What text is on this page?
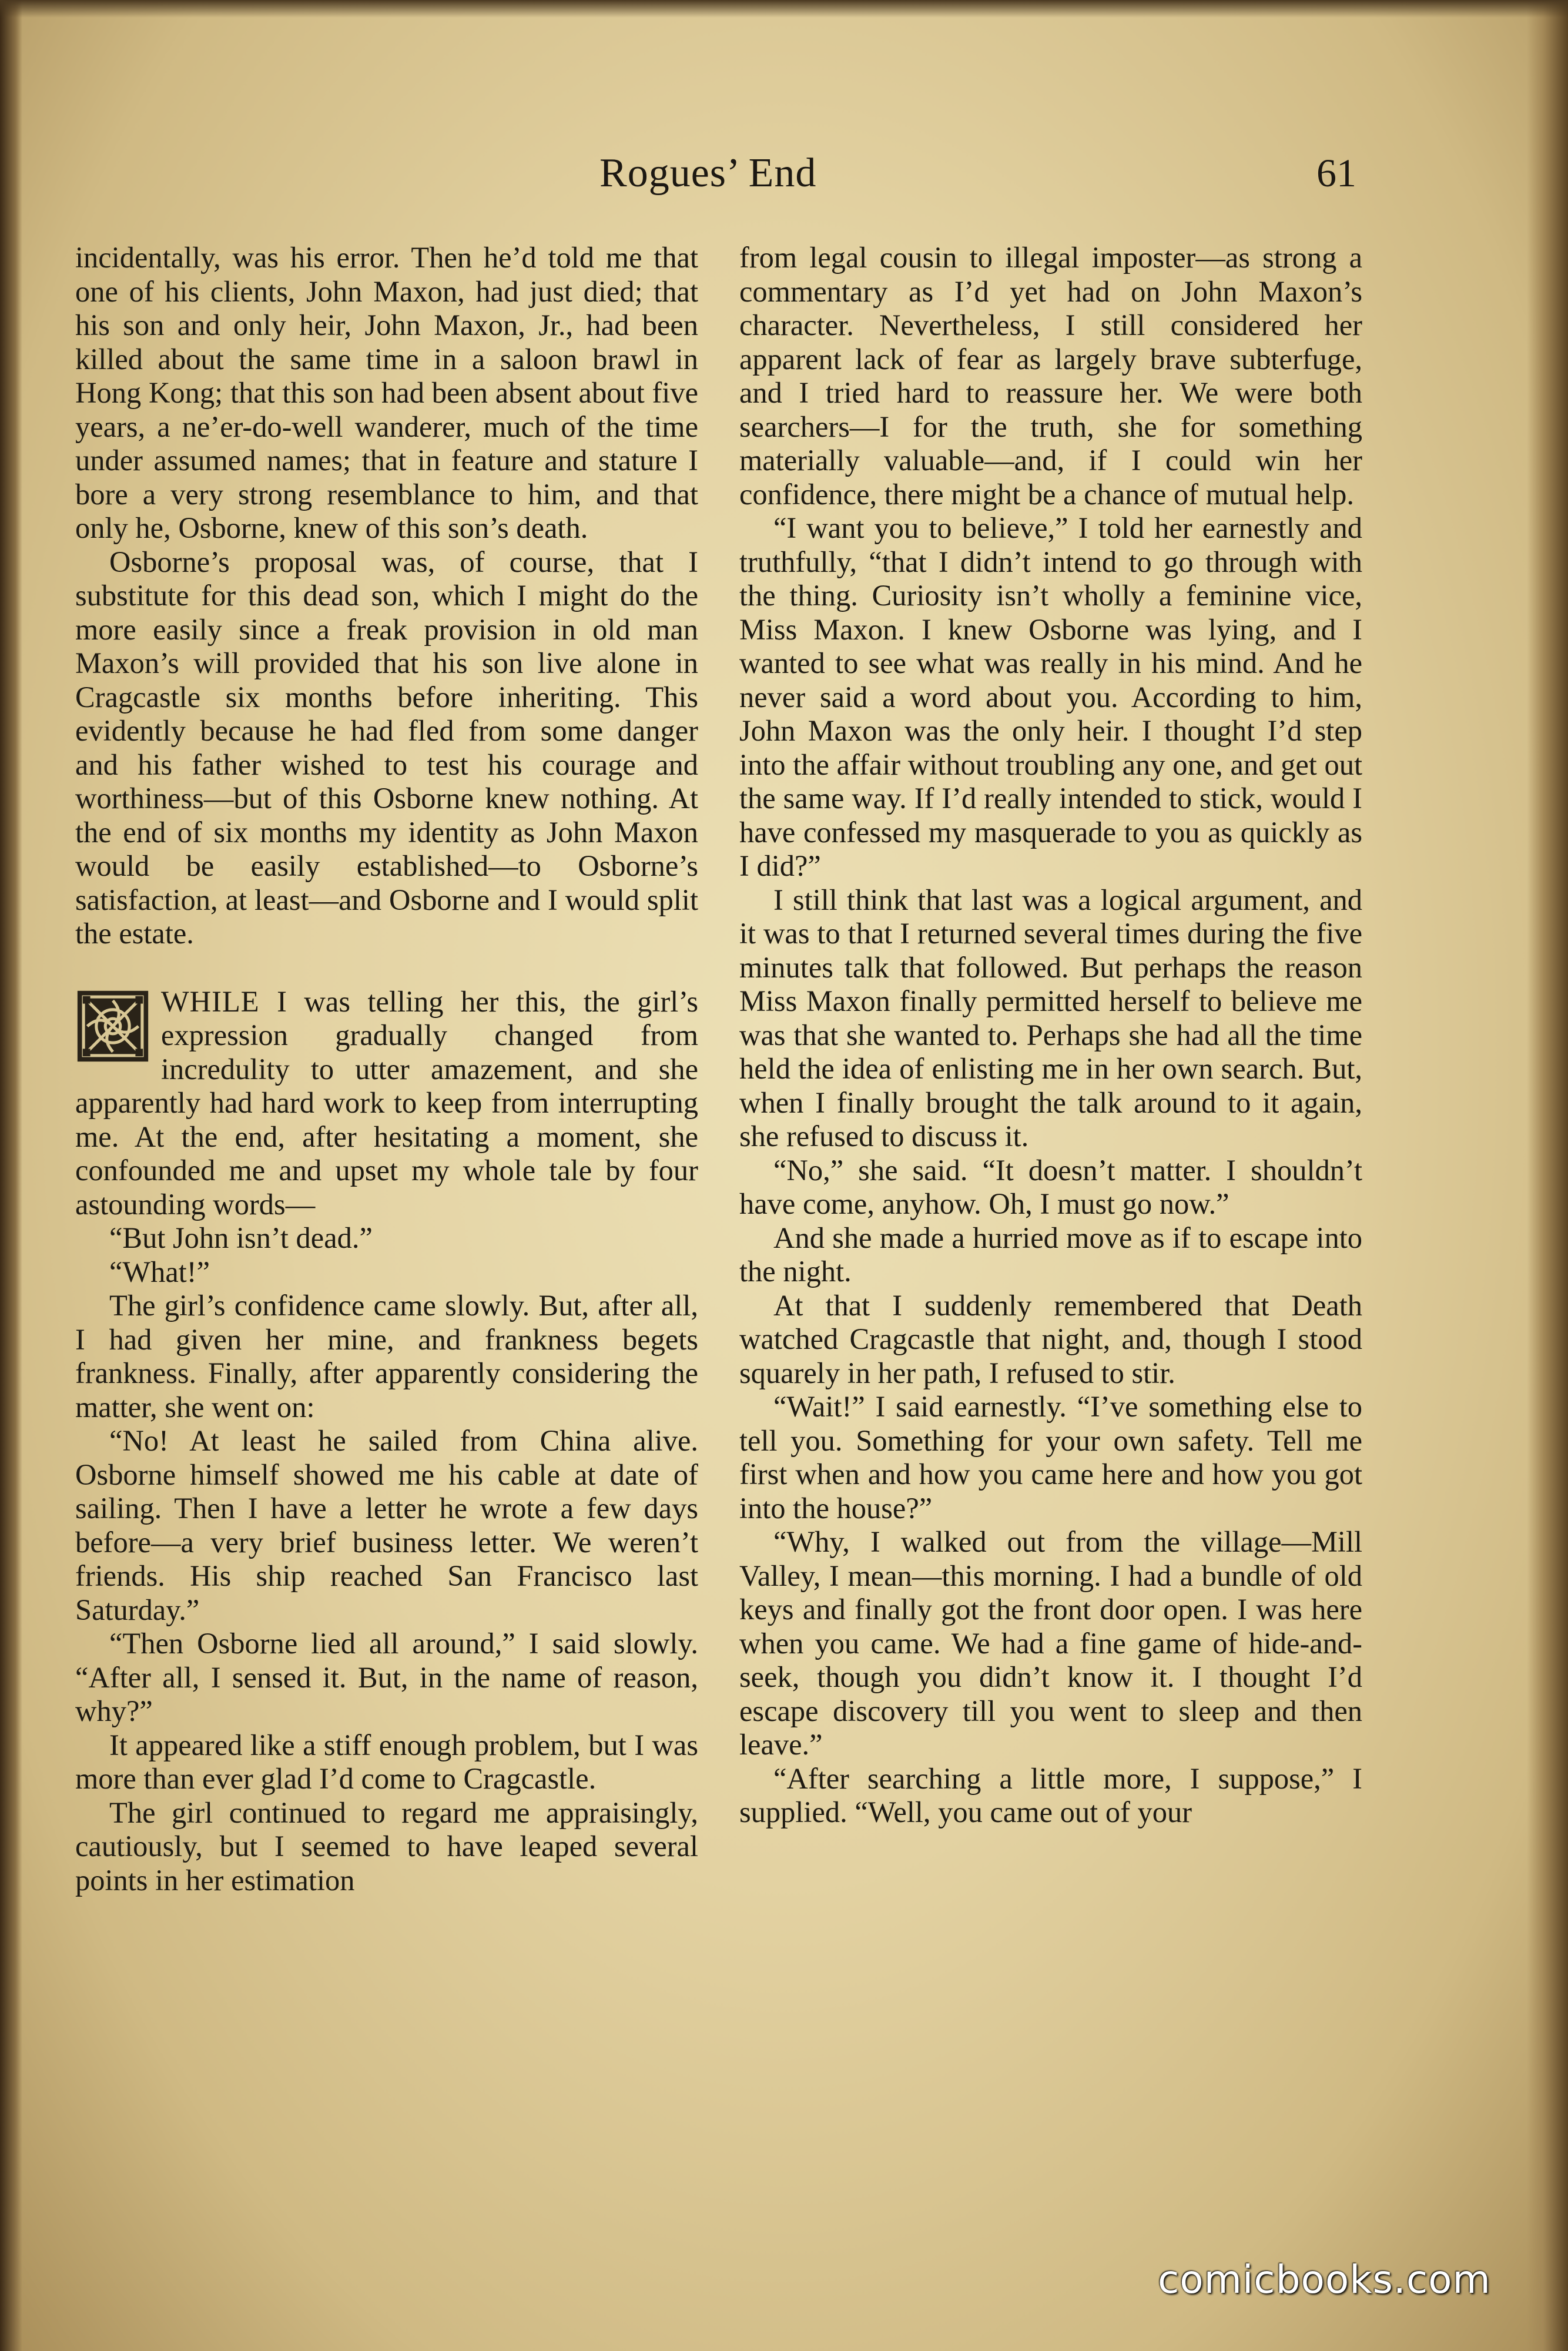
Rogues’ End	61

incidentally, was his error. Then he’d told me that one of his clients, John Maxon, had just died; that his son and only heir, John Maxon, Jr., had been killed about the same time in a saloon brawl in Hong Kong; that this son had been absent about five years, a ne’er-do-well wanderer, much of the time under assumed names; that in feature and stature I bore a very strong resemblance to him, and that only he, Osborne, knew of this son’s death.

Osborne’s proposal was, of course, that I substitute for this dead son, which I might do the more easily since a freak provision in old man Maxon’s will provided that his son live alone in Cragcastle six months before inheriting. This evidently because he had fled from some danger and his father wished to test his courage and worthiness—but of this Osborne knew nothing. At the end of six months my identity as John Maxon would be easily established—to Osborne’s satisfaction, at least—and Osborne and I would split the estate.

WHILE I was telling her this, the girl’s expression gradually changed from incredulity to utter amazement, and she apparently had hard work to keep from interrupting me. At the end, after hesitating a moment, she confounded me and upset my whole tale by four astounding words—

“But John isn’t dead.”

“What!”

The girl’s confidence came slowly. But, after all, I had given her mine, and frankness begets frankness. Finally, after apparently considering the matter, she went on:

“No! At least he sailed from China alive. Osborne himself showed me his cable at date of sailing. Then I have a letter he wrote a few days before—a very brief business letter. We weren’t friends. His ship reached San Francisco last Saturday.”

“Then Osborne lied all around,” I said slowly. “After all, I sensed it. But, in the name of reason, why?”

It appeared like a stiff enough problem, but I was more than ever glad I’d come to Cragcastle.

The girl continued to regard me appraisingly, cautiously, but I seemed to have leaped several points in her estimation

from legal cousin to illegal imposter—as strong a commentary as I’d yet had on John Maxon’s character. Nevertheless, I still considered her apparent lack of fear as largely brave subterfuge, and I tried hard to reassure her. We were both searchers—I for the truth, she for something materially valuable—and, if I could win her confidence, there might be a chance of mutual help.

“I want you to believe,” I told her earnestly and truthfully, “that I didn’t intend to go through with the thing. Curiosity isn’t wholly a feminine vice, Miss Maxon. I knew Osborne was lying, and I wanted to see what was really in his mind. And he never said a word about you. According to him, John Maxon was the only heir. I thought I’d step into the affair without troubling any one, and get out the same way. If I’d really intended to stick, would I have confessed my masquerade to you as quickly as I did?”

I still think that last was a logical argument, and it was to that I returned several times during the five minutes talk that followed. But perhaps the reason Miss Maxon finally permitted herself to believe me was that she wanted to. Perhaps she had all the time held the idea of enlisting me in her own search. But, when I finally brought the talk around to it again, she refused to discuss it.

“No,” she said. “It doesn’t matter. I shouldn’t have come, anyhow. Oh, I must go now.”

And she made a hurried move as if to escape into the night.

At that I suddenly remembered that Death watched Cragcastle that night, and, though I stood squarely in her path, I refused to stir.

“Wait!” I said earnestly. “I’ve something else to tell you. Something for your own safety. Tell me first when and how you came here and how you got into the house?”

“Why, I walked out from the village—Mill Valley, I mean—this morning. I had a bundle of old keys and finally got the front door open. I was here when you came. We had a fine game of hide-and-seek, though you didn’t know it. I thought I’d escape discovery till you went to sleep and then leave.”

“After searching a little more, I suppose,” I supplied. “Well, you came out of your

comicbooks.com
